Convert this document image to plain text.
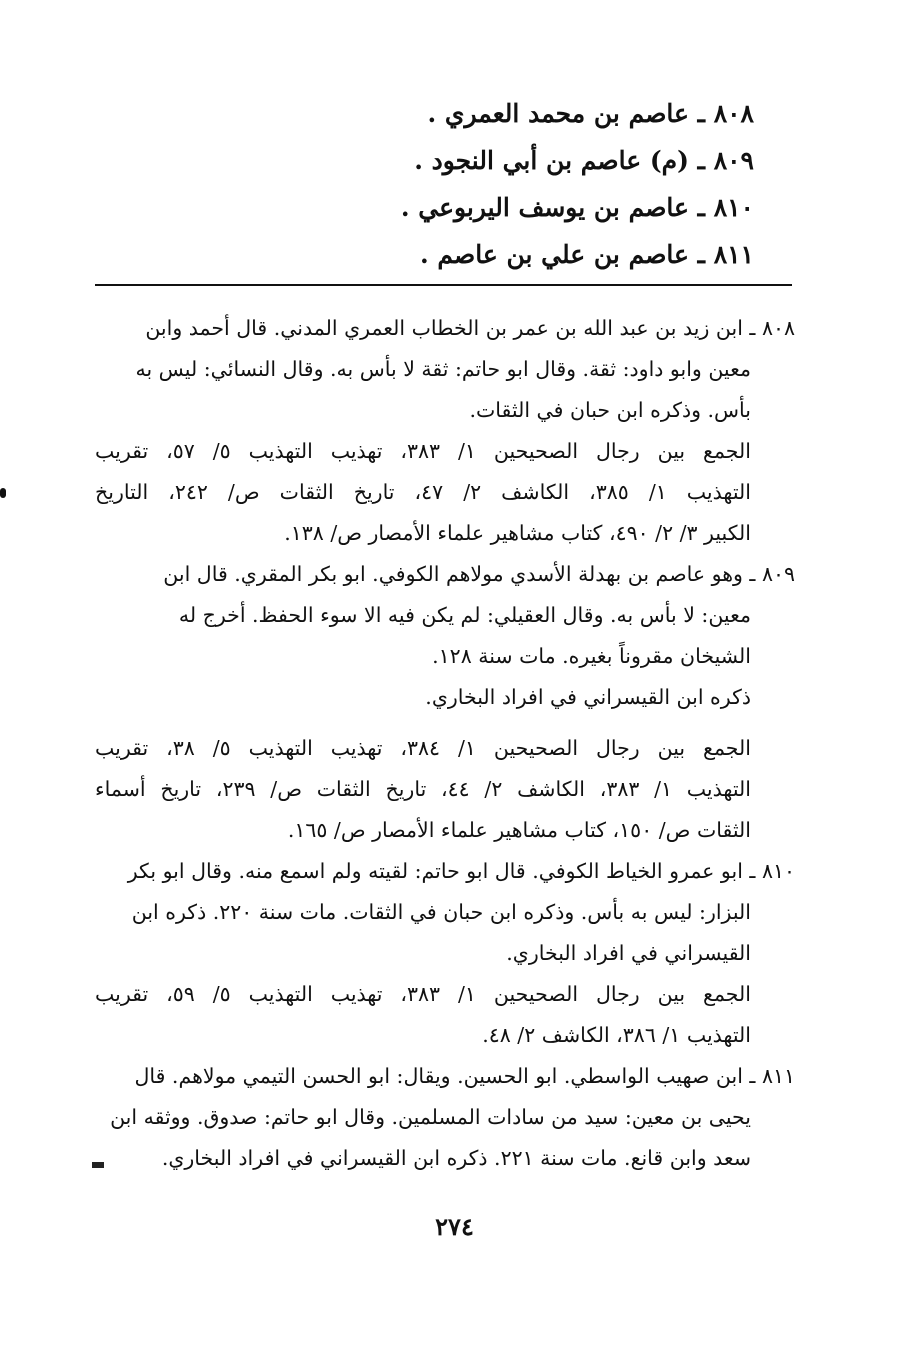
٨٠٨ ـ عاصم بن محمد العمري .
٨٠٩ ـ (م) عاصم بن أبي النجود .
٨١٠ ـ عاصم بن يوسف اليربوعي .
٨١١ ـ عاصم بن علي بن عاصم .
٨٠٨ ـ ابن زيد بن عبد الله بن عمر بن الخطاب العمري المدني. قال أحمد وابن
معين وابو داود: ثقة. وقال ابو حاتم: ثقة لا بأس به. وقال النسائي: ليس به
بأس. وذكره ابن حبان في الثقات.
الجمع بين رجال الصحيحين ١/ ٣٨٣، تهذيب التهذيب ٥/ ٥٧، تقريب
التهذيب ١/ ٣٨٥، الكاشف ٢/ ٤٧، تاريخ الثقات ص/ ٢٤٢، التاريخ
الكبير ٣/ ٢/ ٤٩٠، كتاب مشاهير علماء الأمصار ص/ ١٣٨.
٨٠٩ ـ وهو عاصم بن بهدلة الأسدي مولاهم الكوفي. ابو بكر المقري. قال ابن
معين: لا بأس به. وقال العقيلي: لم يكن فيه الا سوء الحفظ. أخرج له
الشيخان مقروناً بغيره. مات سنة ١٢٨.
ذكره ابن القيسراني في افراد البخاري.
الجمع بين رجال الصحيحين ١/ ٣٨٤، تهذيب التهذيب ٥/ ٣٨، تقريب
التهذيب ١/ ٣٨٣، الكاشف ٢/ ٤٤، تاريخ الثقات ص/ ٢٣٩، تاريخ أسماء
الثقات ص/ ١٥٠، كتاب مشاهير علماء الأمصار ص/ ١٦٥.
٨١٠ ـ ابو عمرو الخياط الكوفي. قال ابو حاتم: لقيته ولم اسمع منه. وقال ابو بكر
البزار: ليس به بأس. وذكره ابن حبان في الثقات. مات سنة ٢٢٠. ذكره ابن
القيسراني في افراد البخاري.
الجمع بين رجال الصحيحين ١/ ٣٨٣، تهذيب التهذيب ٥/ ٥٩، تقريب
التهذيب ١/ ٣٨٦، الكاشف ٢/ ٤٨.
٨١١ ـ ابن صهيب الواسطي. ابو الحسين. ويقال: ابو الحسن التيمي مولاهم. قال
يحيى بن معين: سيد من سادات المسلمين. وقال ابو حاتم: صدوق. ووثقه ابن
سعد وابن قانع. مات سنة ٢٢١. ذكره ابن القيسراني في افراد البخاري.
٢٧٤
